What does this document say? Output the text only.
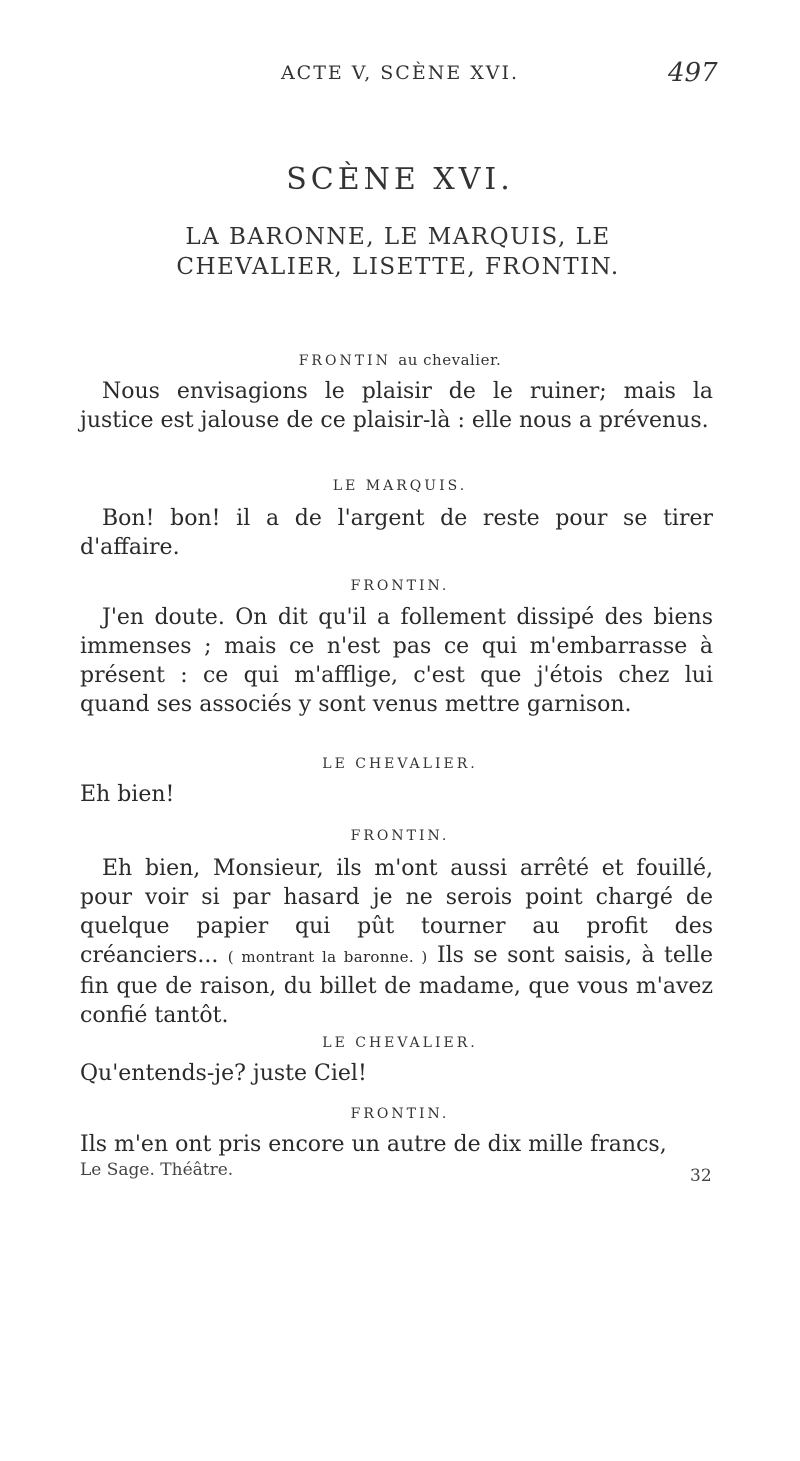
ACTE V, SCÈNE XVI.	497
SCÈNE XVI.
LA BARONNE, LE MARQUIS, LE CHEVALIER, LISETTE, FRONTIN.
FRONTIN au chevalier.
Nous envisagions le plaisir de le ruiner; mais la justice est jalouse de ce plaisir-là : elle nous a prévenus.
LE MARQUIS.
Bon! bon! il a de l'argent de reste pour se tirer d'affaire.
FRONTIN.
J'en doute. On dit qu'il a follement dissipé des biens immenses ; mais ce n'est pas ce qui m'embarrasse à présent : ce qui m'afflige, c'est que j'étois chez lui quand ses associés y sont venus mettre garnison.
LE CHEVALIER.
Eh bien!
FRONTIN.
Eh bien, Monsieur, ils m'ont aussi arrêté et fouillé, pour voir si par hasard je ne serois point chargé de quelque papier qui pût tourner au profit des créanciers... ( montrant la baronne. ) Ils se sont saisis, à telle fin que de raison, du billet de madame, que vous m'avez confié tantôt.
LE CHEVALIER.
Qu'entends-je? juste Ciel!
FRONTIN.
Ils m'en ont pris encore un autre de dix mille francs,
Le Sage. Théâtre.	32
